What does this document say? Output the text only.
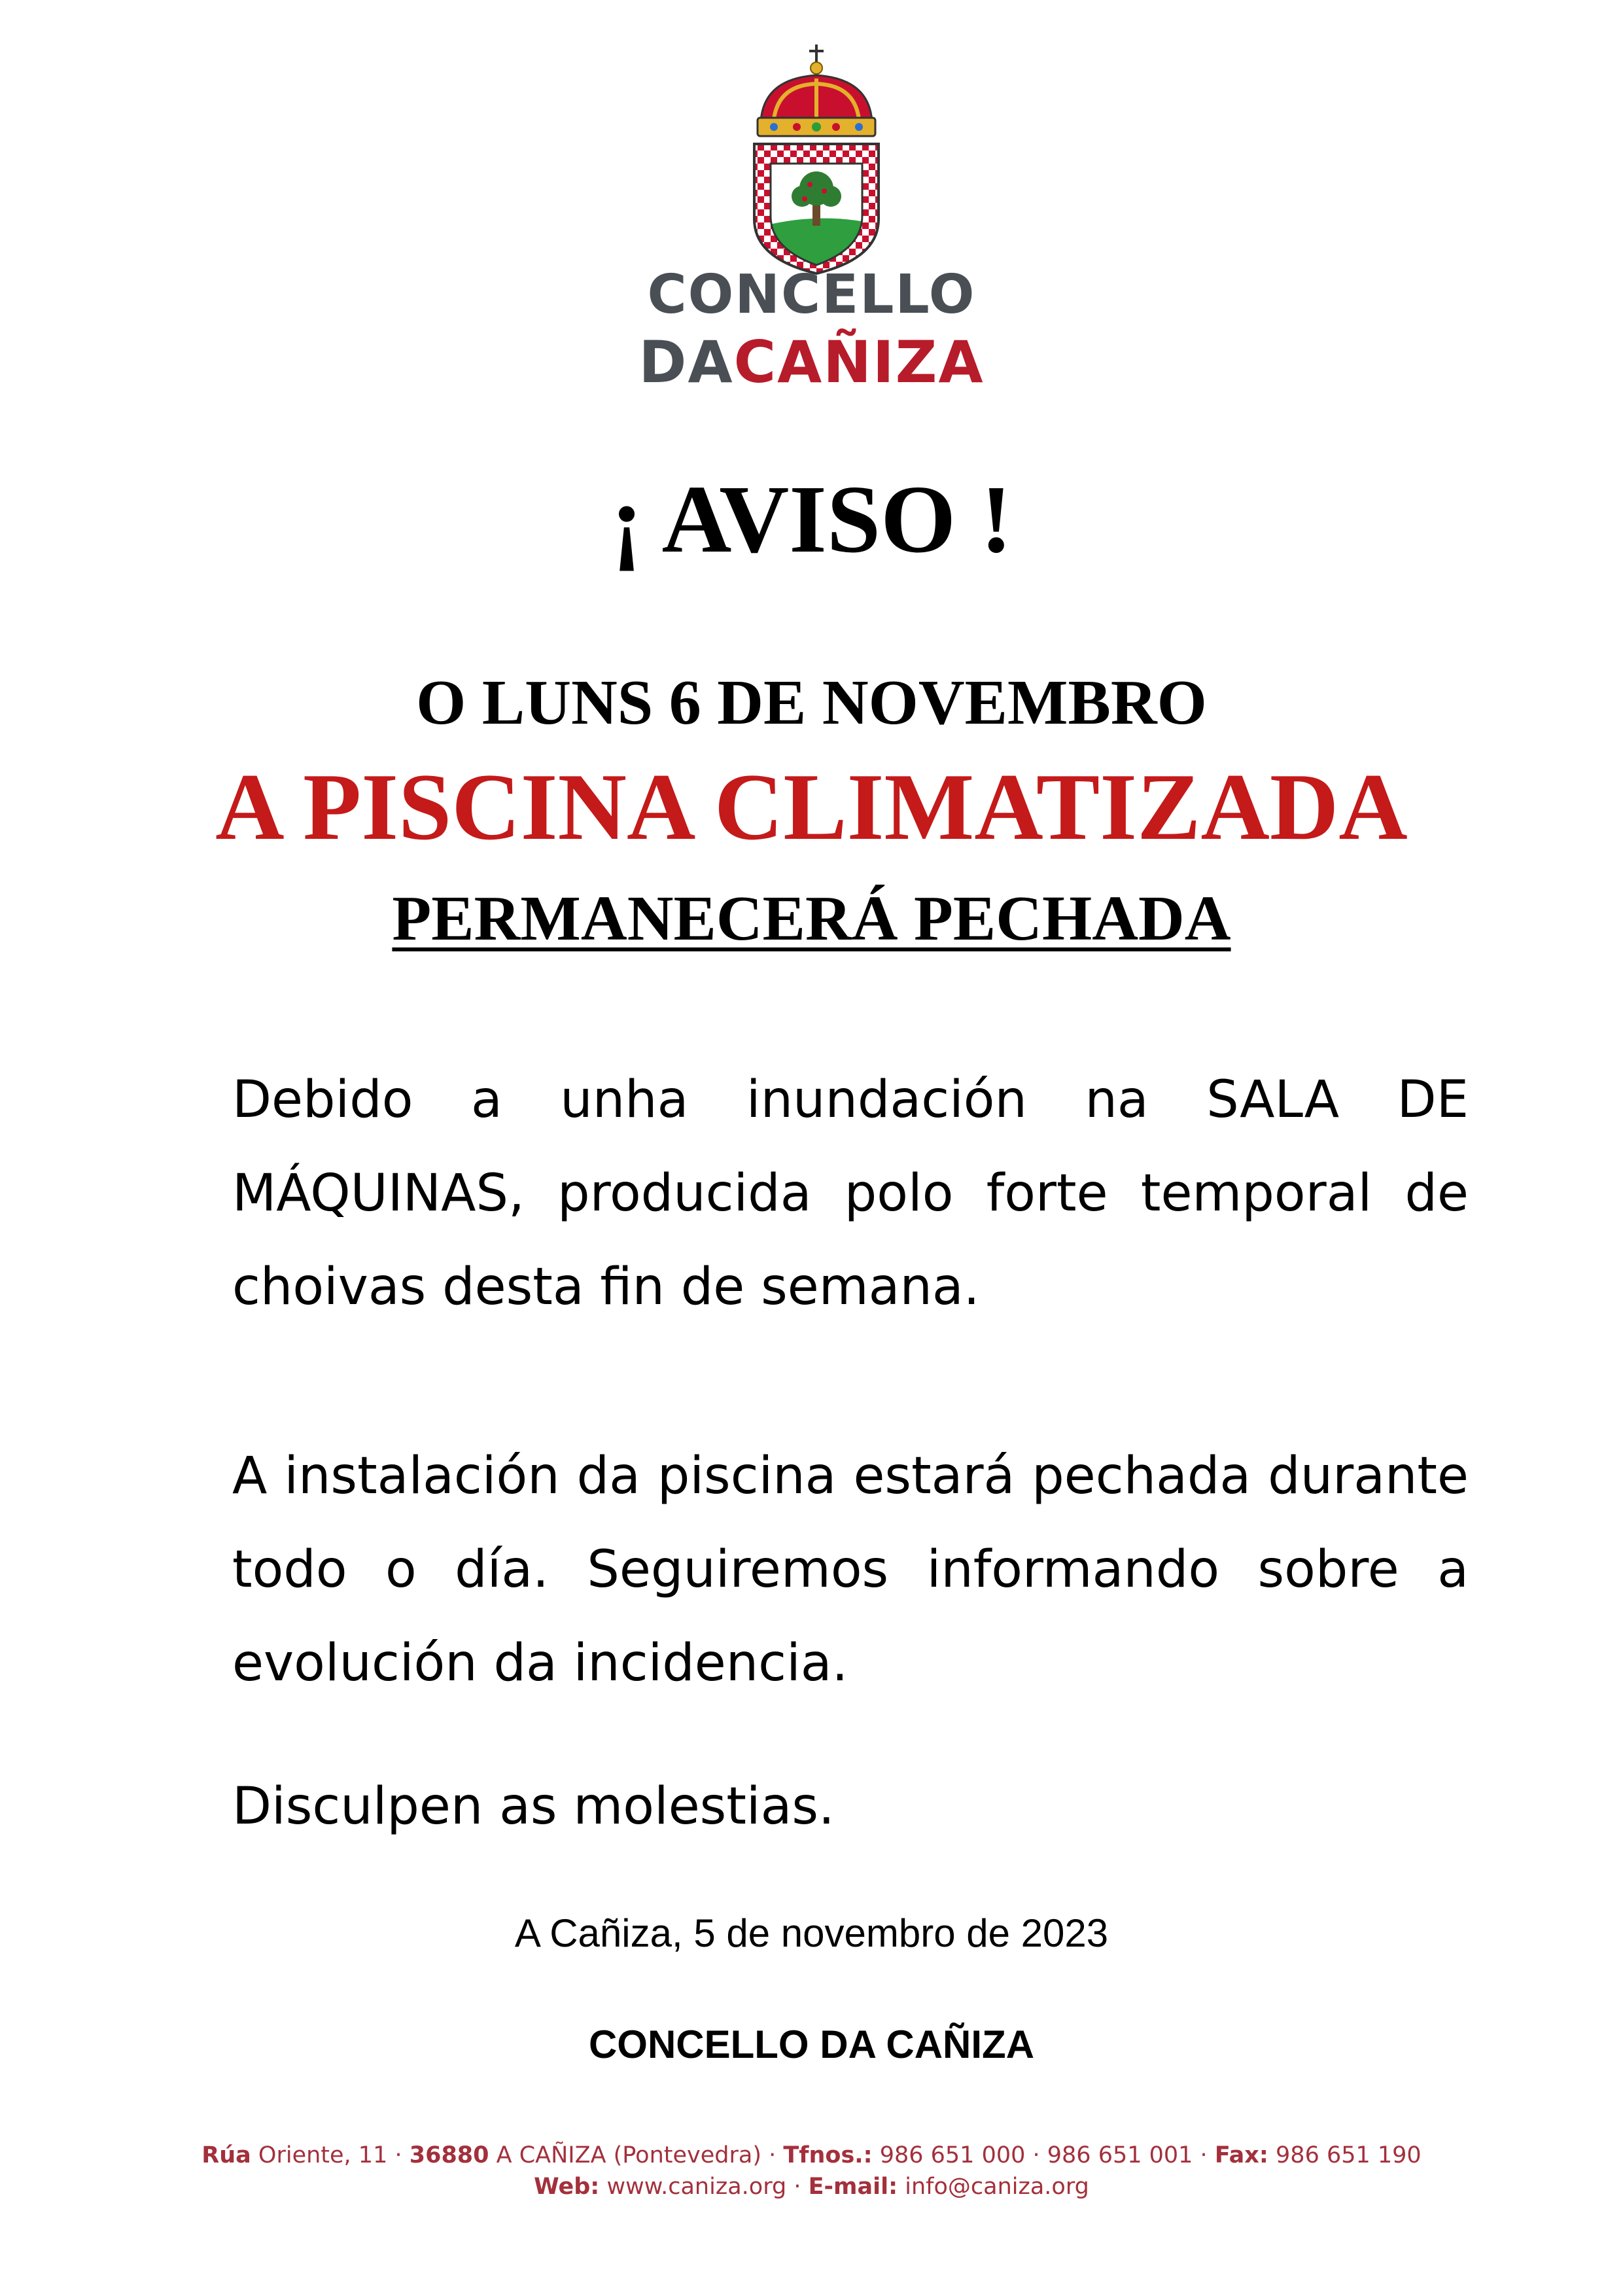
CONCELLO
DACAÑIZA
¡ AVISO !
O LUNS 6 DE NOVEMBRO
A PISCINA CLIMATIZADA
PERMANECERÁ PECHADA
Debido a unha inundación na SALA DE MÁQUINAS, producida polo forte temporal de choivas desta fin de semana.
A instalación da piscina estará pechada durante todo o día. Seguiremos informando sobre a evolución da incidencia.
Disculpen as molestias.
A Cañiza, 5 de novembro de 2023
CONCELLO DA CAÑIZA
Rúa Oriente, 11 · 36880 A CAÑIZA (Pontevedra) · Tfnos.: 986 651 000 · 986 651 001 · Fax: 986 651 190
Web: www.caniza.org · E-mail: info@caniza.org
